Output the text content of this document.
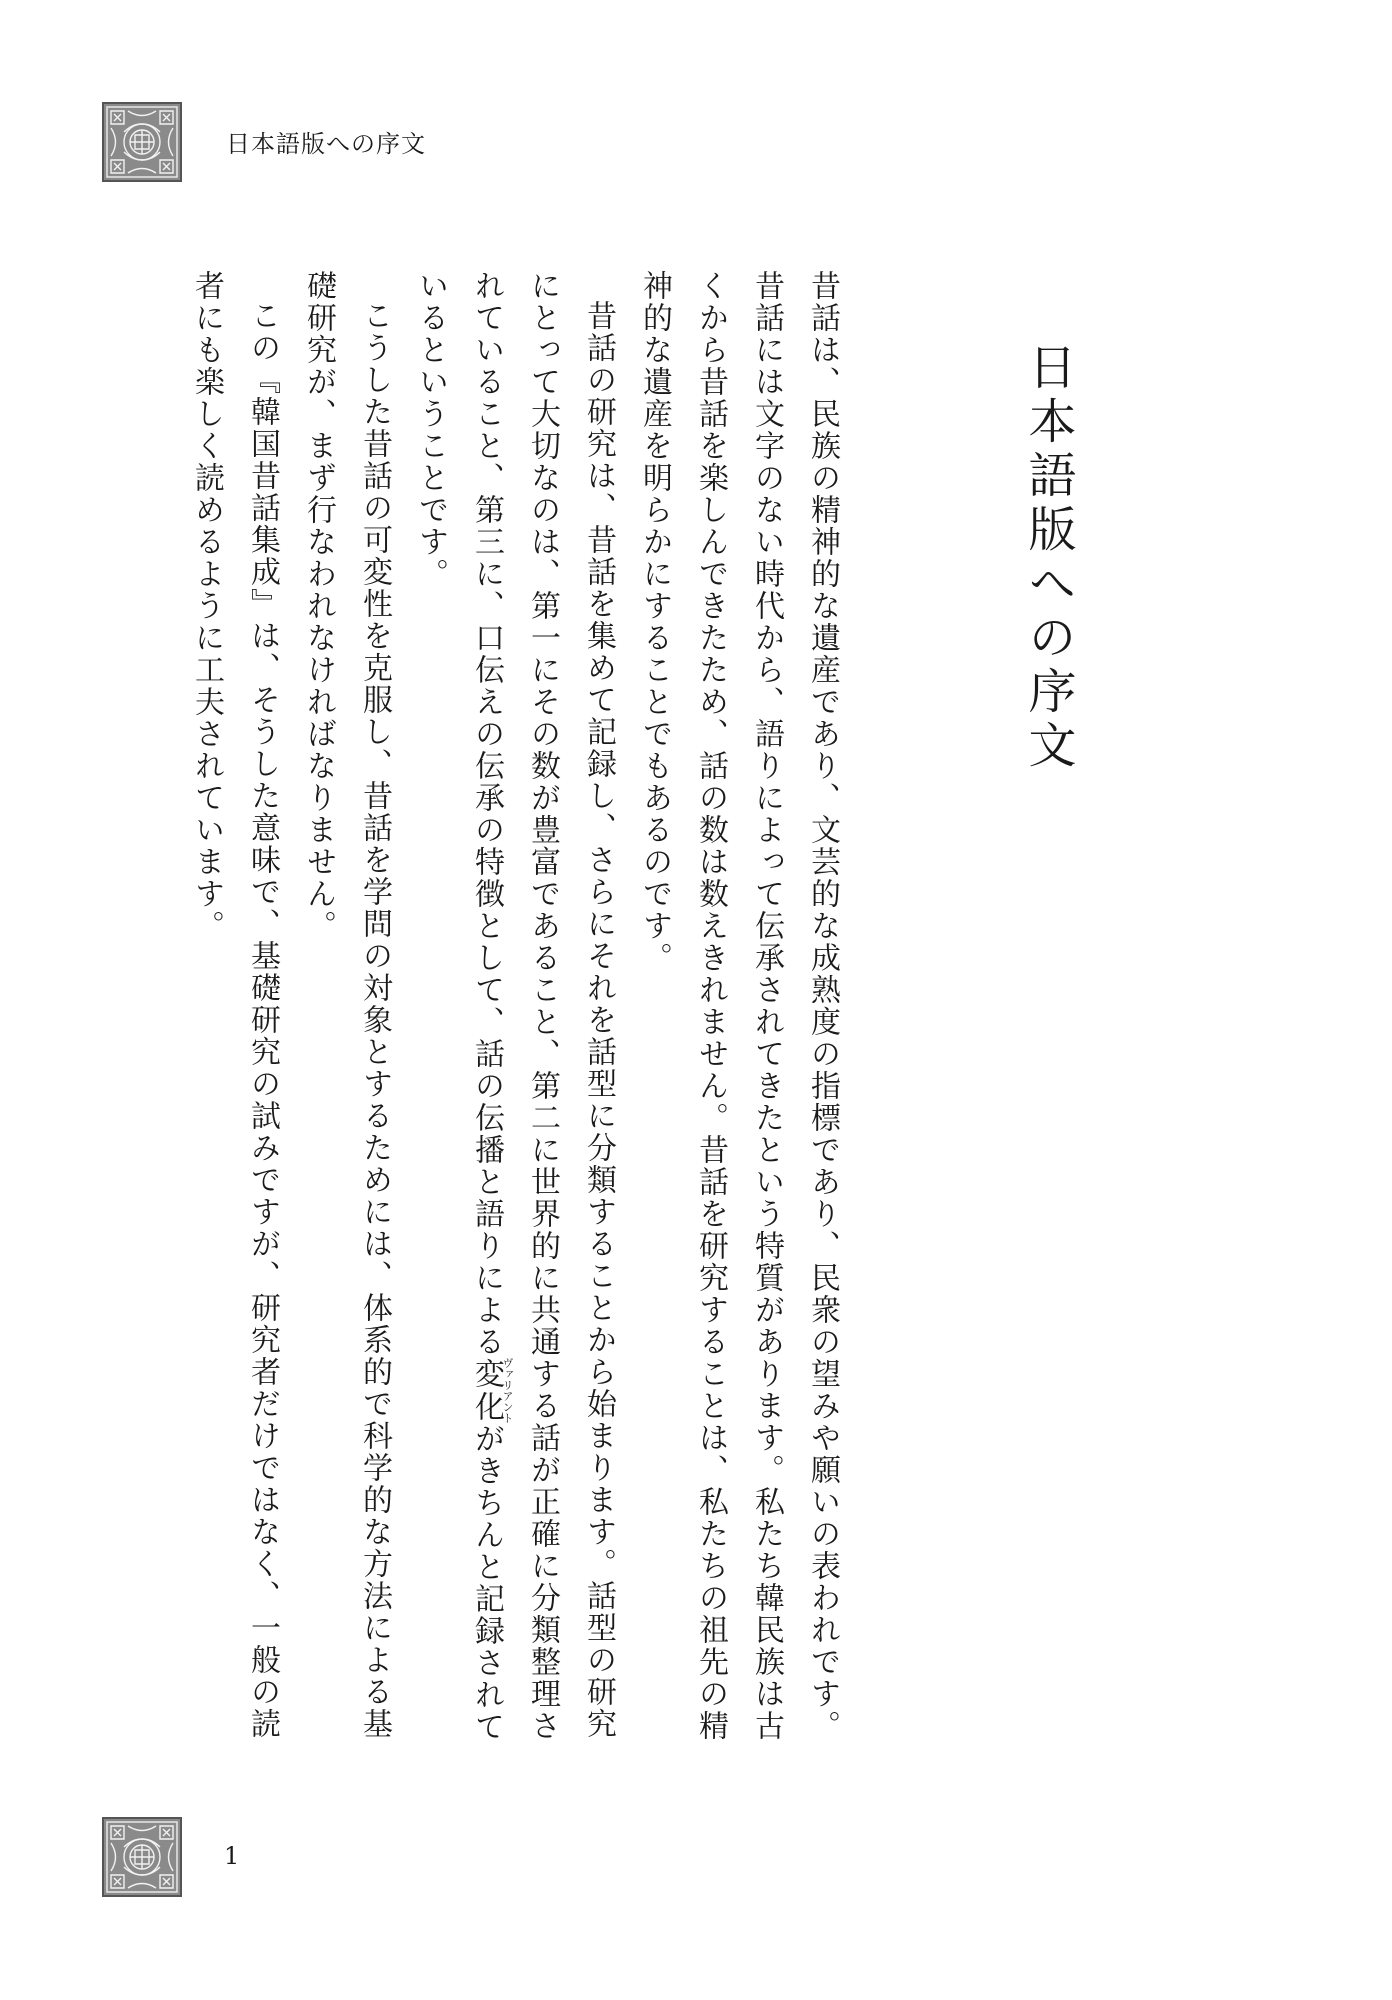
日本語版への序文
日本語版への序文

昔話は、民族の精神的な遺産であり、文芸的な成熟度の指標であり、民衆の望みや願いの表われです。昔話には文字のない時代から、語りによって伝承されてきたという特質があります。私たち韓民族は古くから昔話を楽しんできたため、話の数は数えきれません。昔話を研究することは、私たちの祖先の精神的な遺産を明らかにすることでもあるのです。

昔話の研究は、昔話を集めて記録し、さらにそれを話型に分類することから始まります。話型の研究にとって大切なのは、第一にその数が豊富であること、第二に世界的に共通する話が正確に分類整理されていること、第三に、口伝えの伝承の特徴として、話の伝播と語りによる変化ヴァリアントがきちんと記録されているということです。

こうした昔話の可変性を克服し、昔話を学問の対象とするためには、体系的で科学的な方法による基礎研究が、まず行なわれなければなりません。

この『韓国昔話集成』は、そうした意味で、基礎研究の試みですが、研究者だけではなく、一般の読者にも楽しく読めるように工夫されています。

1
